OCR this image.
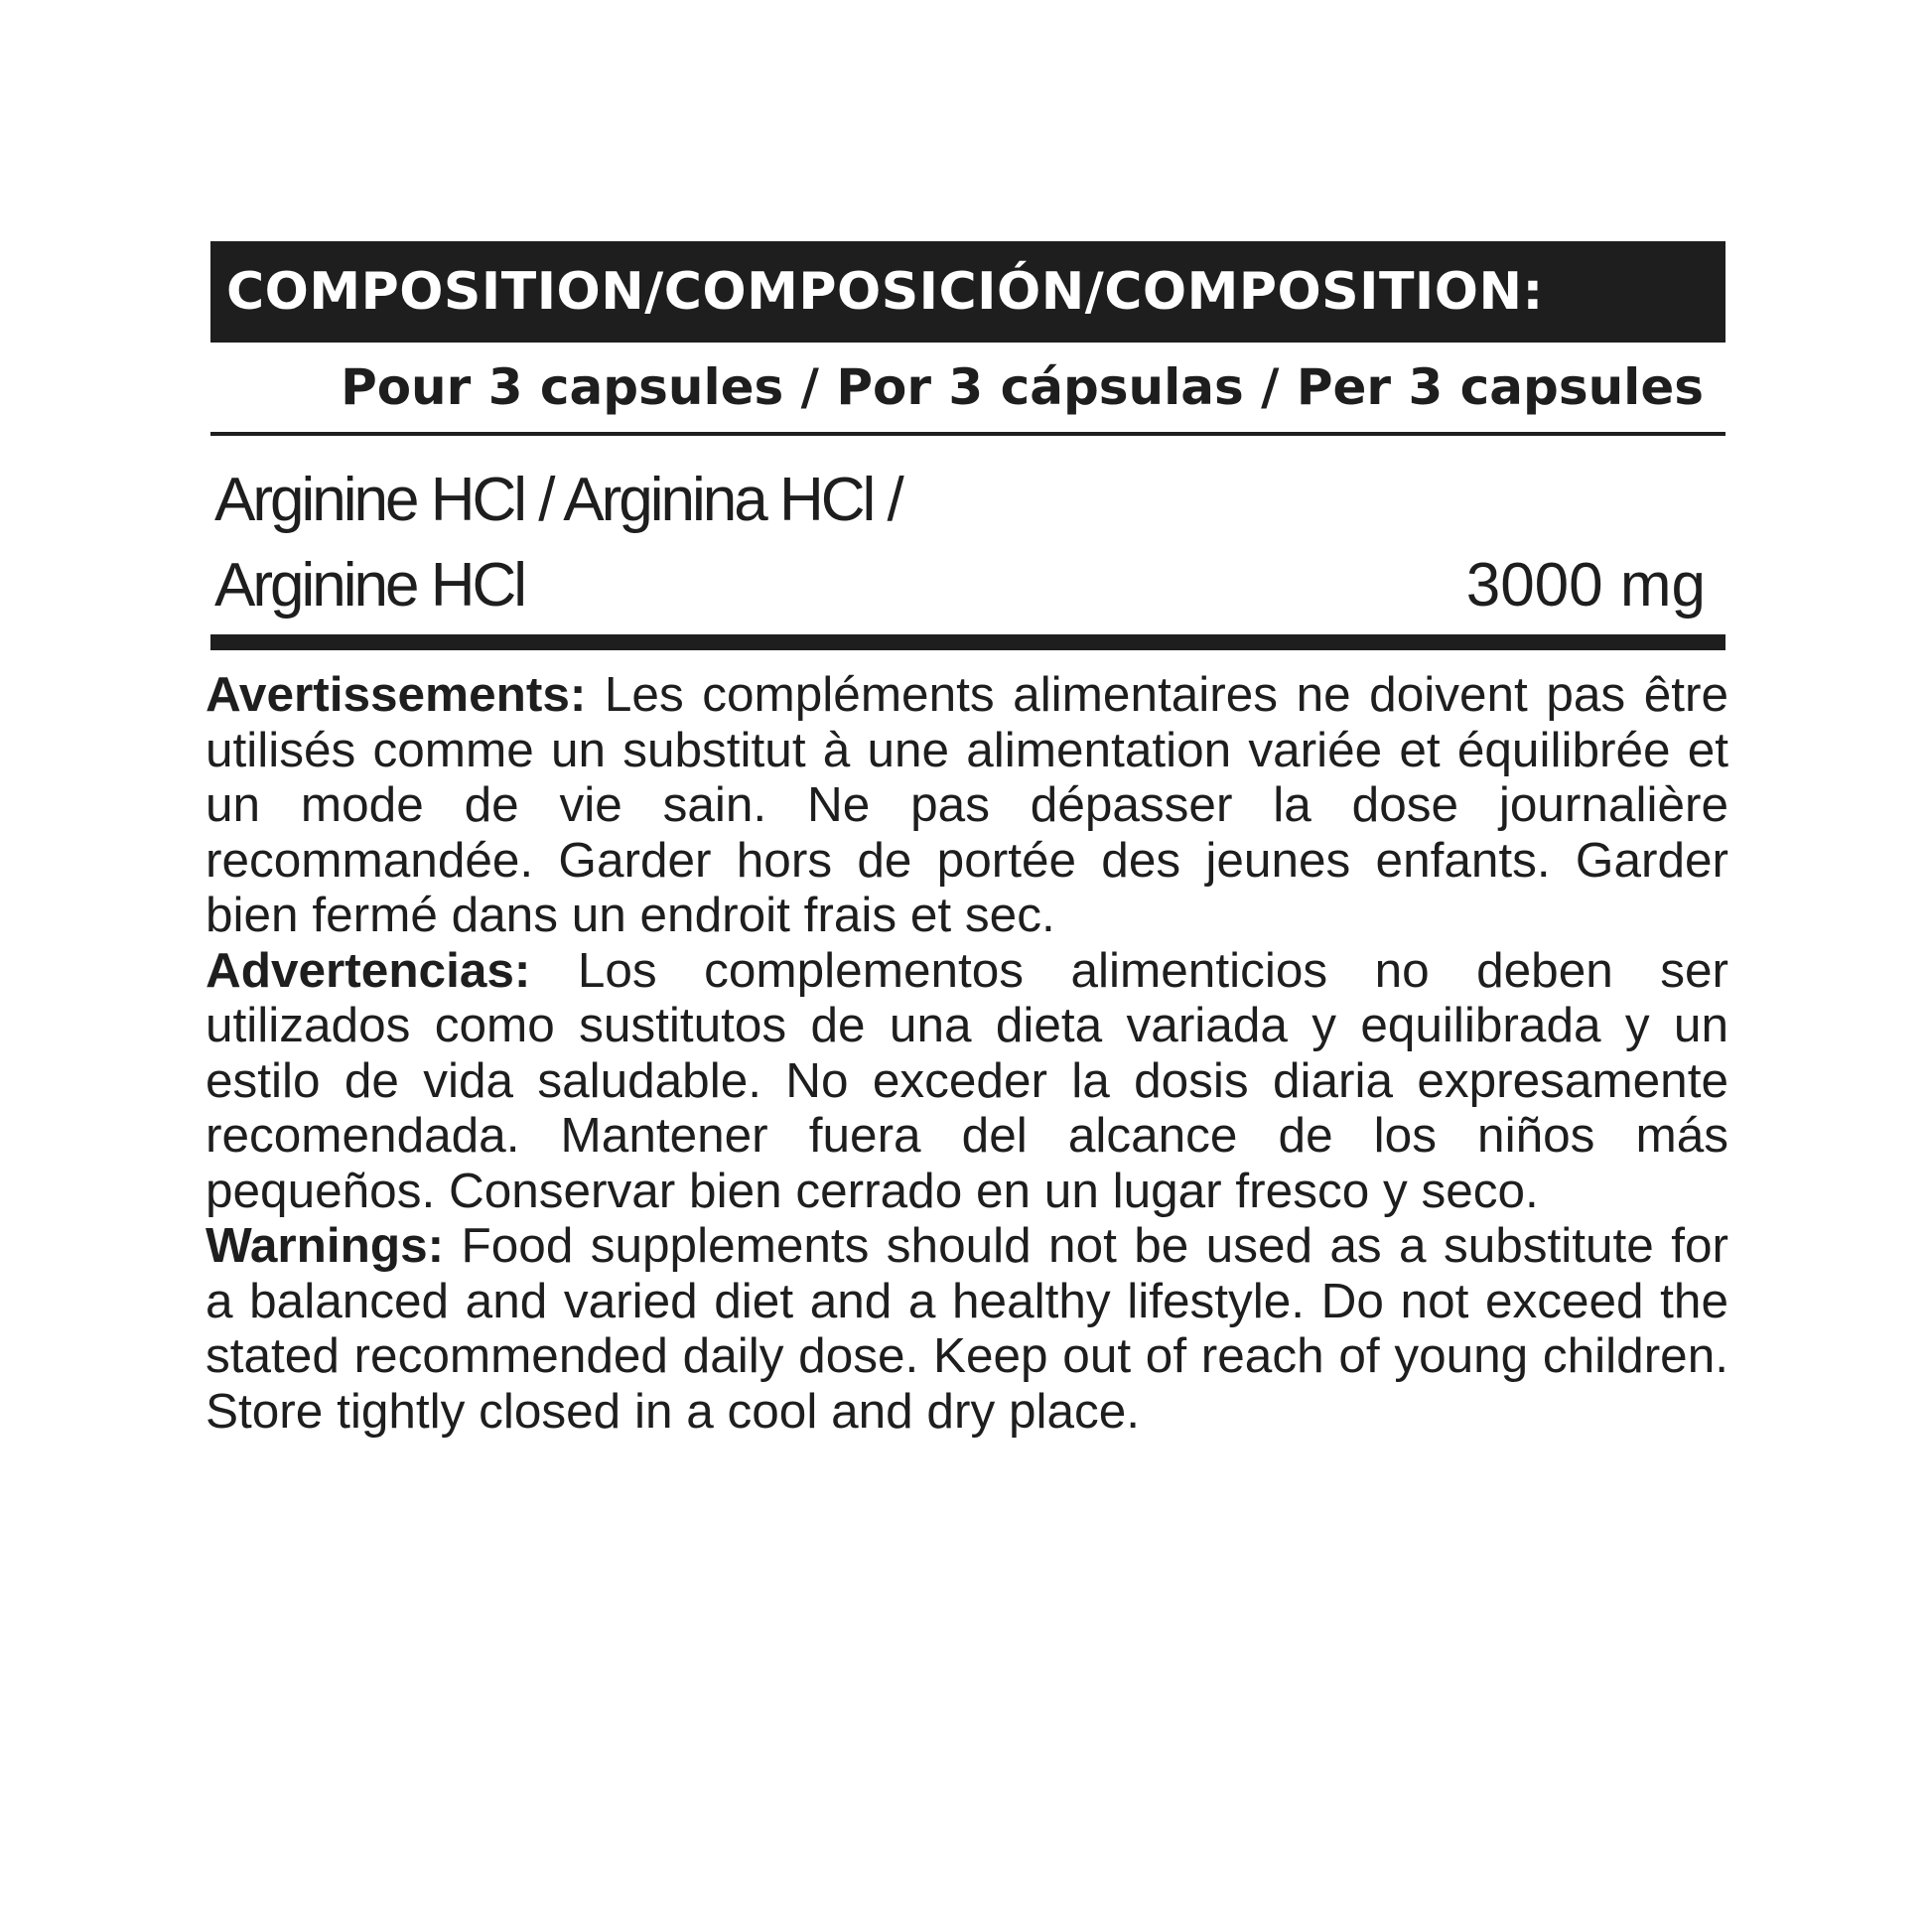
COMPOSITION/COMPOSICIÓN/COMPOSITION:
Pour 3 capsules / Por 3 cápsulas / Per 3 capsules
Arginine HCl / Arginina HCl /
Arginine HCl	3000 mg

Avertissements: Les compléments alimentaires ne doivent pas être utilisés comme un substitut à une alimentation variée et équilibrée et un mode de vie sain. Ne pas dépasser la dose journalière recommandée. Garder hors de portée des jeunes enfants. Garder bien fermé dans un endroit frais et sec.

Advertencias: Los complementos alimenticios no deben ser utilizados como sustitutos de una dieta variada y equilibrada y un estilo de vida saludable. No exceder la dosis diaria expresamente recomendada. Mantener fuera del alcance de los niños más pequeños. Conservar bien cerrado en un lugar fresco y seco.

Warnings: Food supplements should not be used as a substitute for a balanced and varied diet and a healthy lifestyle. Do not exceed the stated recommended daily dose. Keep out of reach of young children. Store tightly closed in a cool and dry place.
